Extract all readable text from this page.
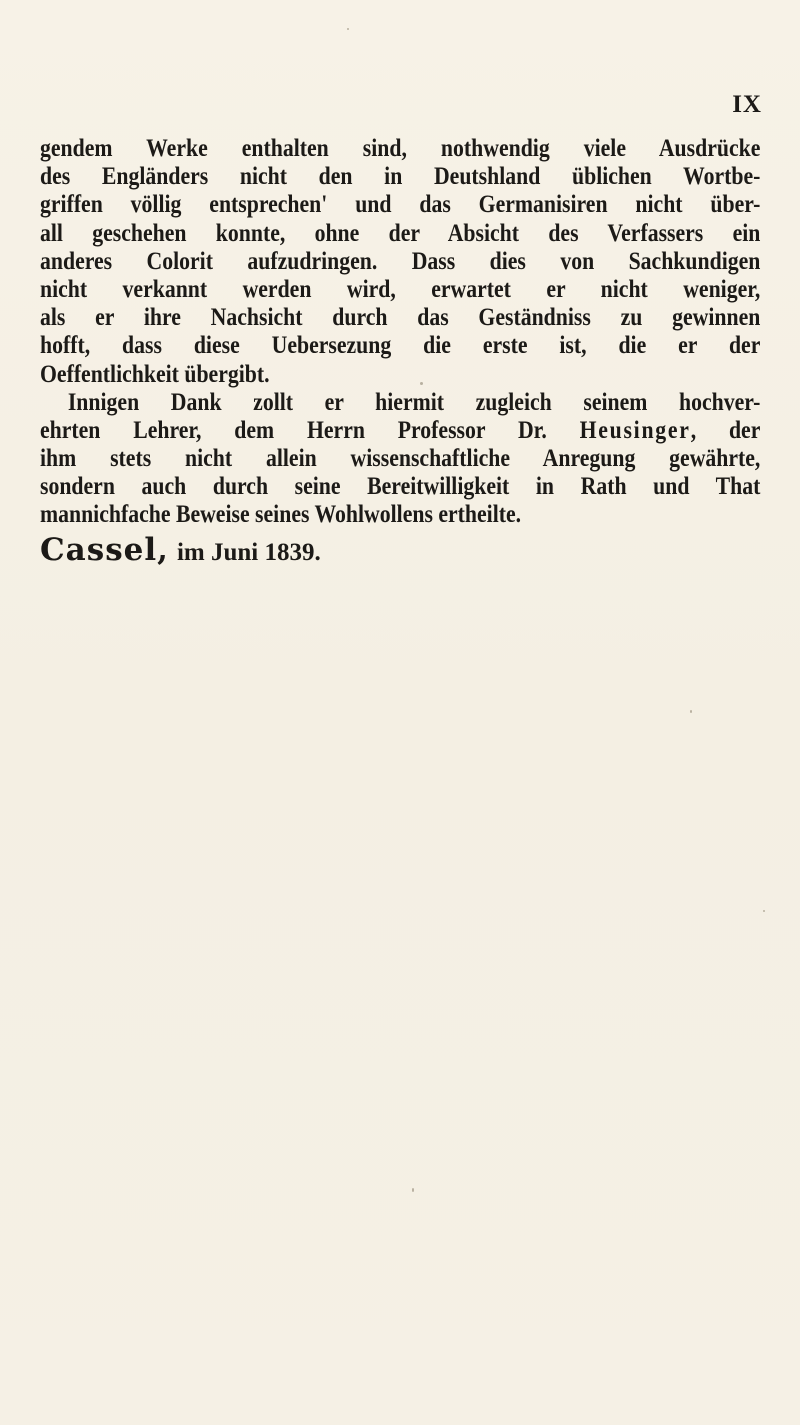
IX
gendem Werke enthalten sind, nothwendig viele Ausdrücke
des Engländers nicht den in Deutshland üblichen Wortbe-
griffen völlig entsprechen' und das Germanisiren nicht über-
all geschehen konnte, ohne der Absicht des Verfassers ein
anderes Colorit aufzudringen. Dass dies von Sachkundigen
nicht verkannt werden wird, erwartet er nicht weniger,
als er ihre Nachsicht durch das Geständniss zu gewinnen
hofft, dass diese Uebersezung die erste ist, die er der
Oeffentlichkeit übergibt.
Innigen Dank zollt er hiermit zugleich seinem hochver-
ehrten Lehrer, dem Herrn Professor Dr. Heusinger, der
ihm stets nicht allein wissenschaftliche Anregung gewährte,
sondern auch durch seine Bereitwilligkeit in Rath und That
mannichfache Beweise seines Wohlwollens ertheilte.
Cassel, im Juni 1839.
